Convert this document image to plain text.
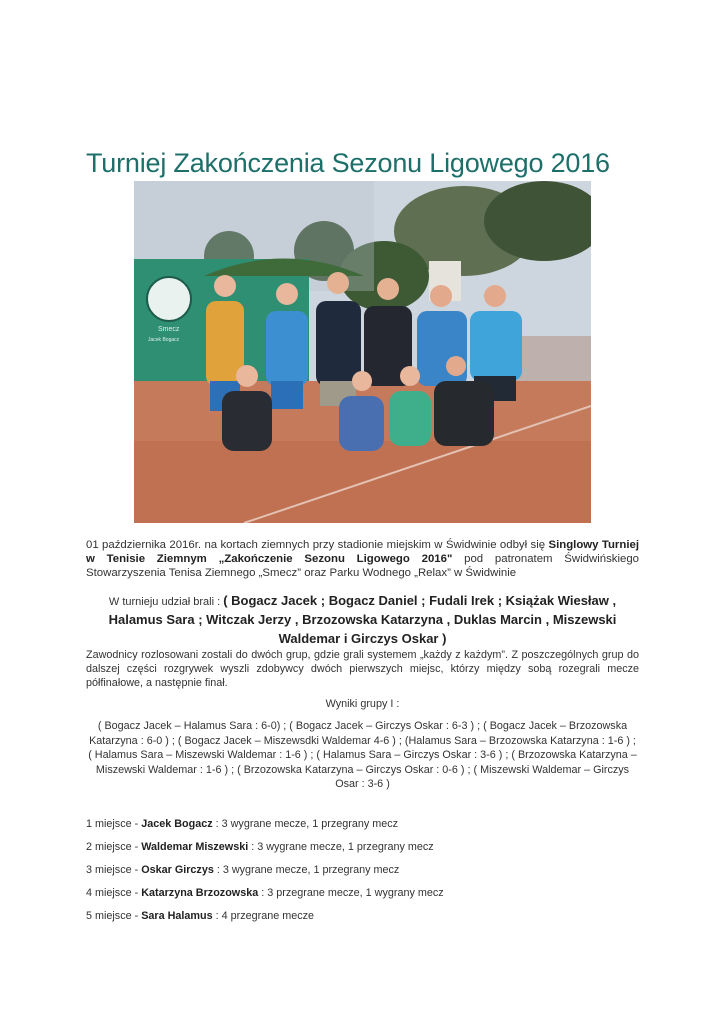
Turniej Zakończenia Sezonu Ligowego 2016
Smecz
Jacek Bogacz
01 października 2016r. na kortach ziemnych przy stadionie miejskim w Świdwinie odbył się Singlowy Turniej w Tenisie Ziemnym „Zakończenie Sezonu Ligowego 2016" pod patronatem Świdwińskiego Stowarzyszenia Tenisa Ziemnego „Smecz” oraz Parku Wodnego „Relax” w Świdwinie
W turnieju udział brali : ( Bogacz Jacek ; Bogacz Daniel ; Fudali Irek ; Książak Wiesław , Halamus Sara ; Witczak Jerzy , Brzozowska Katarzyna , Duklas Marcin , Miszewski Waldemar i Girczys Oskar )
Zawodnicy rozlosowani zostali do dwóch grup, gdzie grali systemem „każdy z każdym”. Z poszczególnych grup do dalszej części rozgrywek wyszli zdobywcy dwóch pierwszych miejsc, którzy między sobą rozegrali mecze półfinałowe, a następnie finał.
Wyniki grupy I :
( Bogacz Jacek – Halamus Sara : 6-0) ; ( Bogacz Jacek – Girczys Oskar : 6-3 ) ; ( Bogacz Jacek – Brzozowska Katarzyna : 6-0 ) ; ( Bogacz Jacek – Miszewsdki Waldemar 4-6 ) ; (Halamus Sara – Brzozowska Katarzyna : 1-6 ) ; ( Halamus Sara – Miszewski Waldemar : 1-6 ) ; ( Halamus Sara – Girczys Oskar : 3-6 ) ; ( Brzozowska Katarzyna – Miszewski Waldemar : 1-6 ) ; ( Brzozowska Katarzyna – Girczys Oskar : 0-6 ) ; ( Miszewski Waldemar – Girczys Osar : 3-6 )
1 miejsce - Jacek Bogacz : 3 wygrane mecze, 1 przegrany mecz
2 miejsce - Waldemar Miszewski : 3 wygrane mecze, 1 przegrany mecz
3 miejsce - Oskar Girczys : 3 wygrane mecze, 1 przegrany mecz
4 miejsce - Katarzyna Brzozowska : 3 przegrane mecze, 1 wygrany mecz
5 miejsce - Sara Halamus : 4 przegrane mecze
